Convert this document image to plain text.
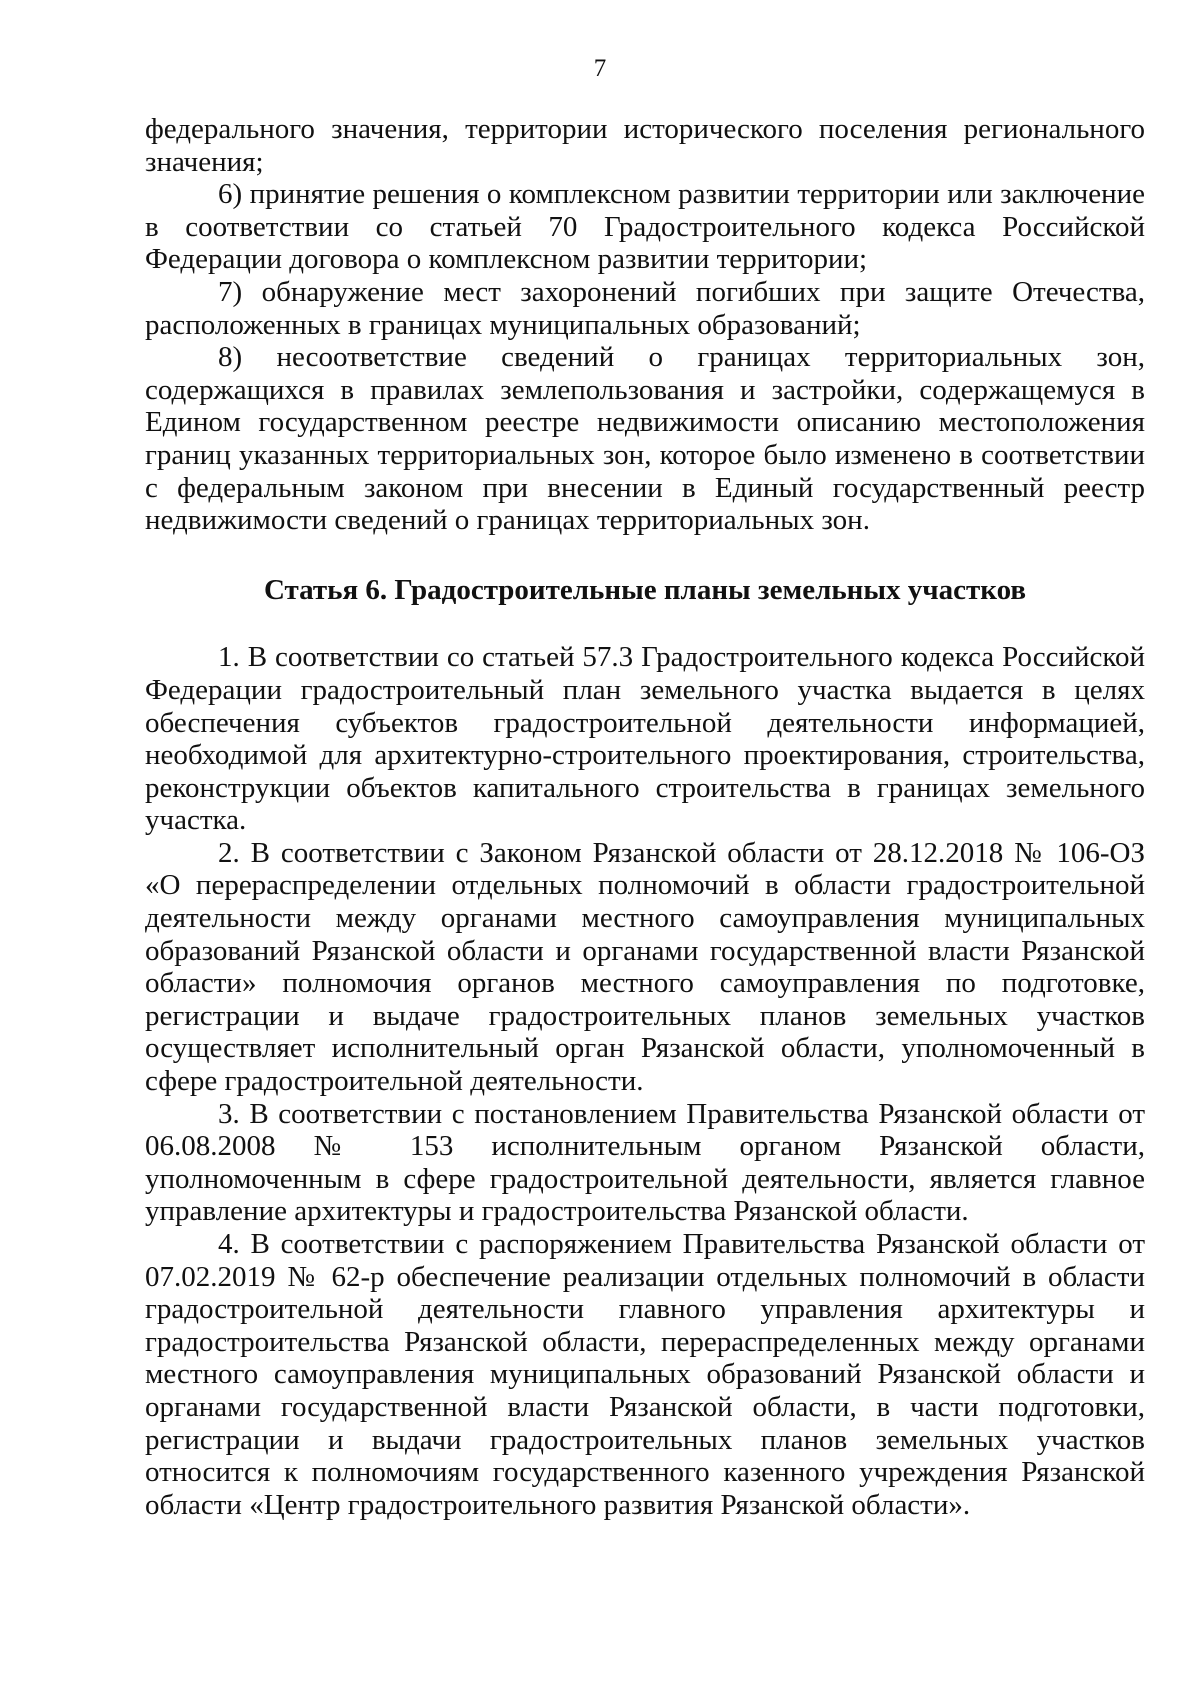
7

федерального значения, территории исторического поселения регионального значения;

6) принятие решения о комплексном развитии территории или заключение в соответствии со статьей 70 Градостроительного кодекса Российской Федерации договора о комплексном развитии территории;

7) обнаружение мест захоронений погибших при защите Отечества, расположенных в границах муниципальных образований;

8) несоответствие сведений о границах территориальных зон, содержащихся в правилах землепользования и застройки, содержащемуся в Едином государственном реестре недвижимости описанию местоположения границ указанных территориальных зон, которое было изменено в соответствии с федеральным законом при внесении в Единый государственный реестр недвижимости сведений о границах территориальных зон.

Статья 6. Градостроительные планы земельных участков

1. В соответствии со статьей 57.3 Градостроительного кодекса Российской Федерации градостроительный план земельного участка выдается в целях обеспечения субъектов градостроительной деятельности информацией, необходимой для архитектурно-строительного проектирования, строительства, реконструкции объектов капитального строительства в границах земельного участка.

2. В соответствии с Законом Рязанской области от 28.12.2018 № 106-ОЗ «О перераспределении отдельных полномочий в области градостроительной деятельности между органами местного самоуправления муниципальных образований Рязанской области и органами государственной власти Рязанской области» полномочия органов местного самоуправления по подготовке, регистрации и выдаче градостроительных планов земельных участков осуществляет исполнительный орган Рязанской области, уполномоченный в сфере градостроительной деятельности.

3. В соответствии с постановлением Правительства Рязанской области от 06.08.2008 № 153 исполнительным органом Рязанской области, уполномоченным в сфере градостроительной деятельности, является главное управление архитектуры и градостроительства Рязанской области.

4. В соответствии с распоряжением Правительства Рязанской области от 07.02.2019 № 62-р обеспечение реализации отдельных полномочий в области градостроительной деятельности главного управления архитектуры и градостроительства Рязанской области, перераспределенных между органами местного самоуправления муниципальных образований Рязанской области и органами государственной власти Рязанской области, в части подготовки, регистрации и выдачи градостроительных планов земельных участков относится к полномочиям государственного казенного учреждения Рязанской области «Центр градостроительного развития Рязанской области».
